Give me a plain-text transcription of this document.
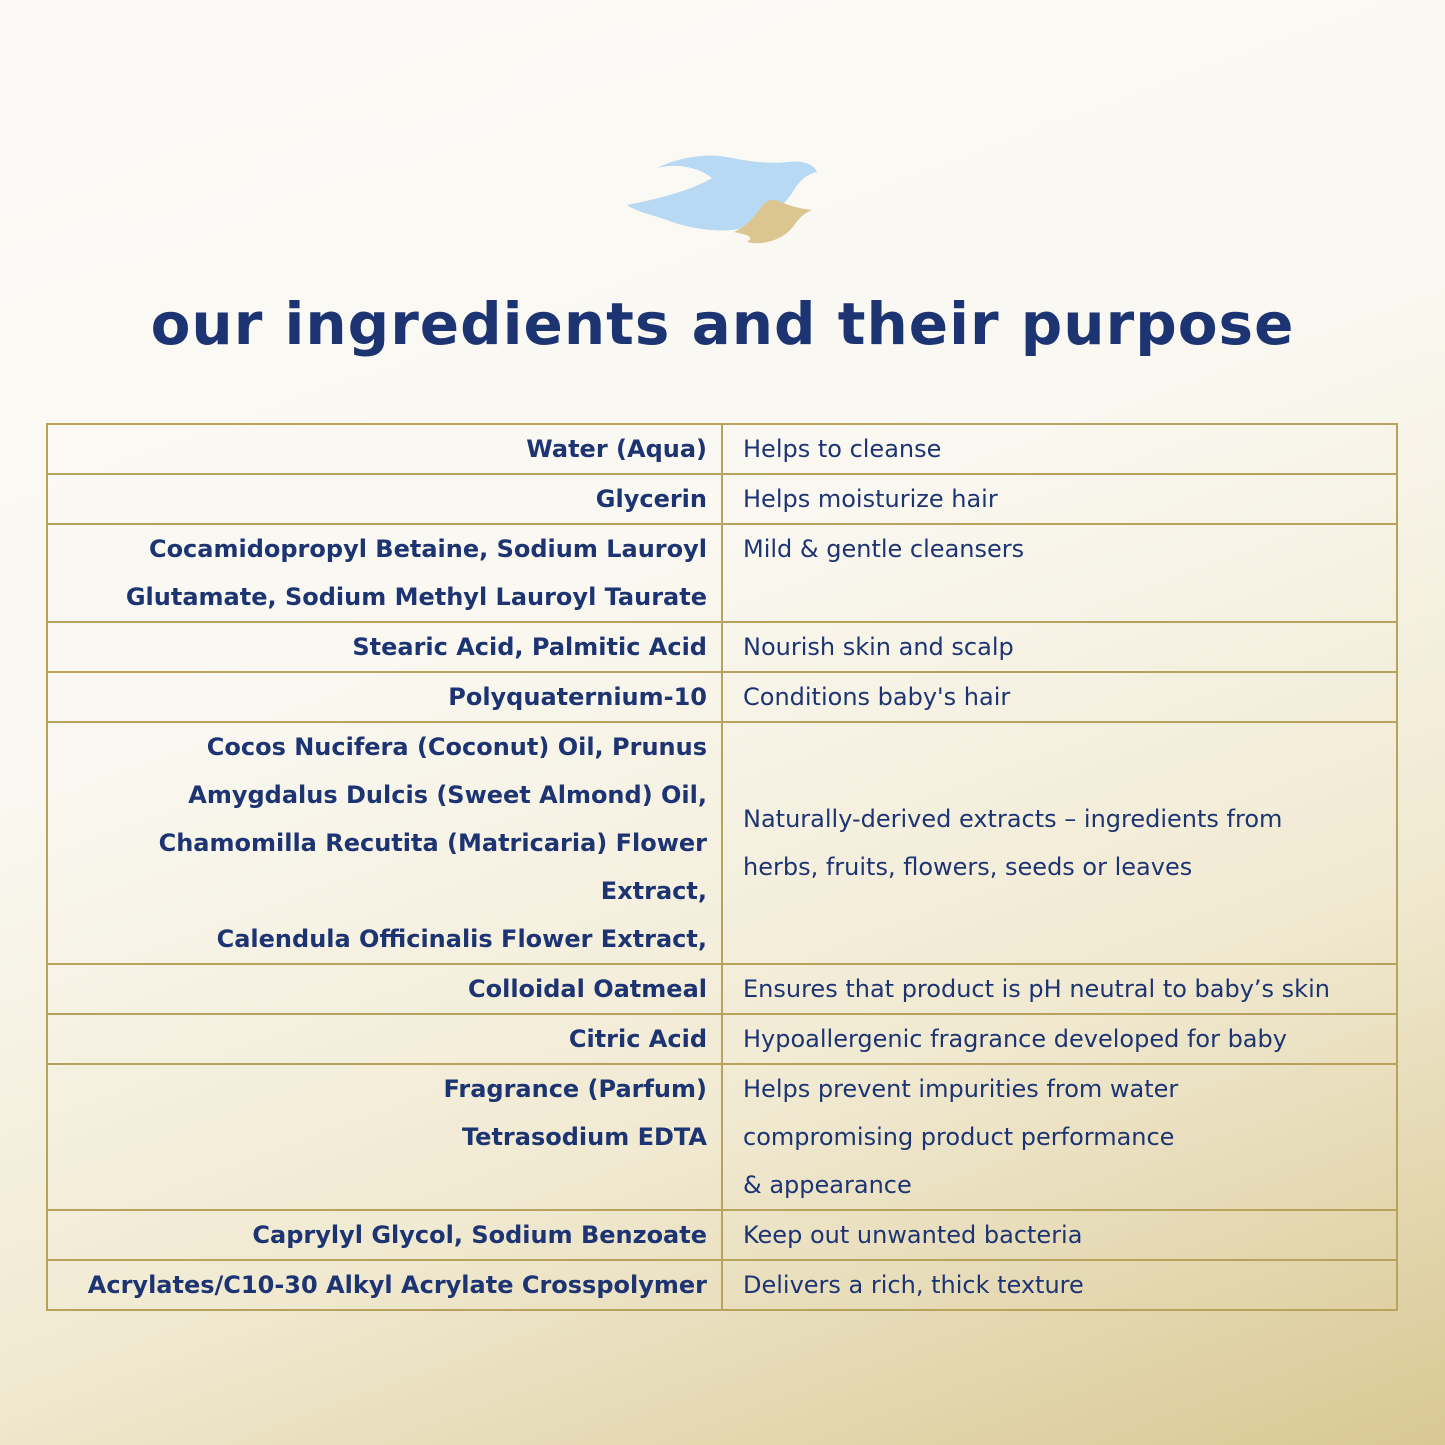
our ingredients and their purpose
Water (Aqua)	Helps to cleanse

Glycerin	Helps moisturize hair

Cocamidopropyl Betaine, Sodium Lauroyl
Glutamate, Sodium Methyl Lauroyl Taurate	Mild & gentle cleansers

Stearic Acid, Palmitic Acid	Nourish skin and scalp

Polyquaternium-10	Conditions baby's hair

Cocos Nucifera (Coconut) Oil, Prunus
Amygdalus Dulcis (Sweet Almond) Oil,
Chamomilla Recutita (Matricaria) Flower
Extract,
Calendula Officinalis Flower Extract,	Naturally-derived extracts – ingredients from
herbs, fruits, flowers, seeds or leaves

Colloidal Oatmeal	Ensures that product is pH neutral to baby’s skin

Citric Acid	Hypoallergenic fragrance developed for baby

Fragrance (Parfum)
Tetrasodium EDTA	Helps prevent impurities from water
compromising product performance
& appearance

Caprylyl Glycol, Sodium Benzoate	Keep out unwanted bacteria

Acrylates/C10-30 Alkyl Acrylate Crosspolymer	Delivers a rich, thick texture
